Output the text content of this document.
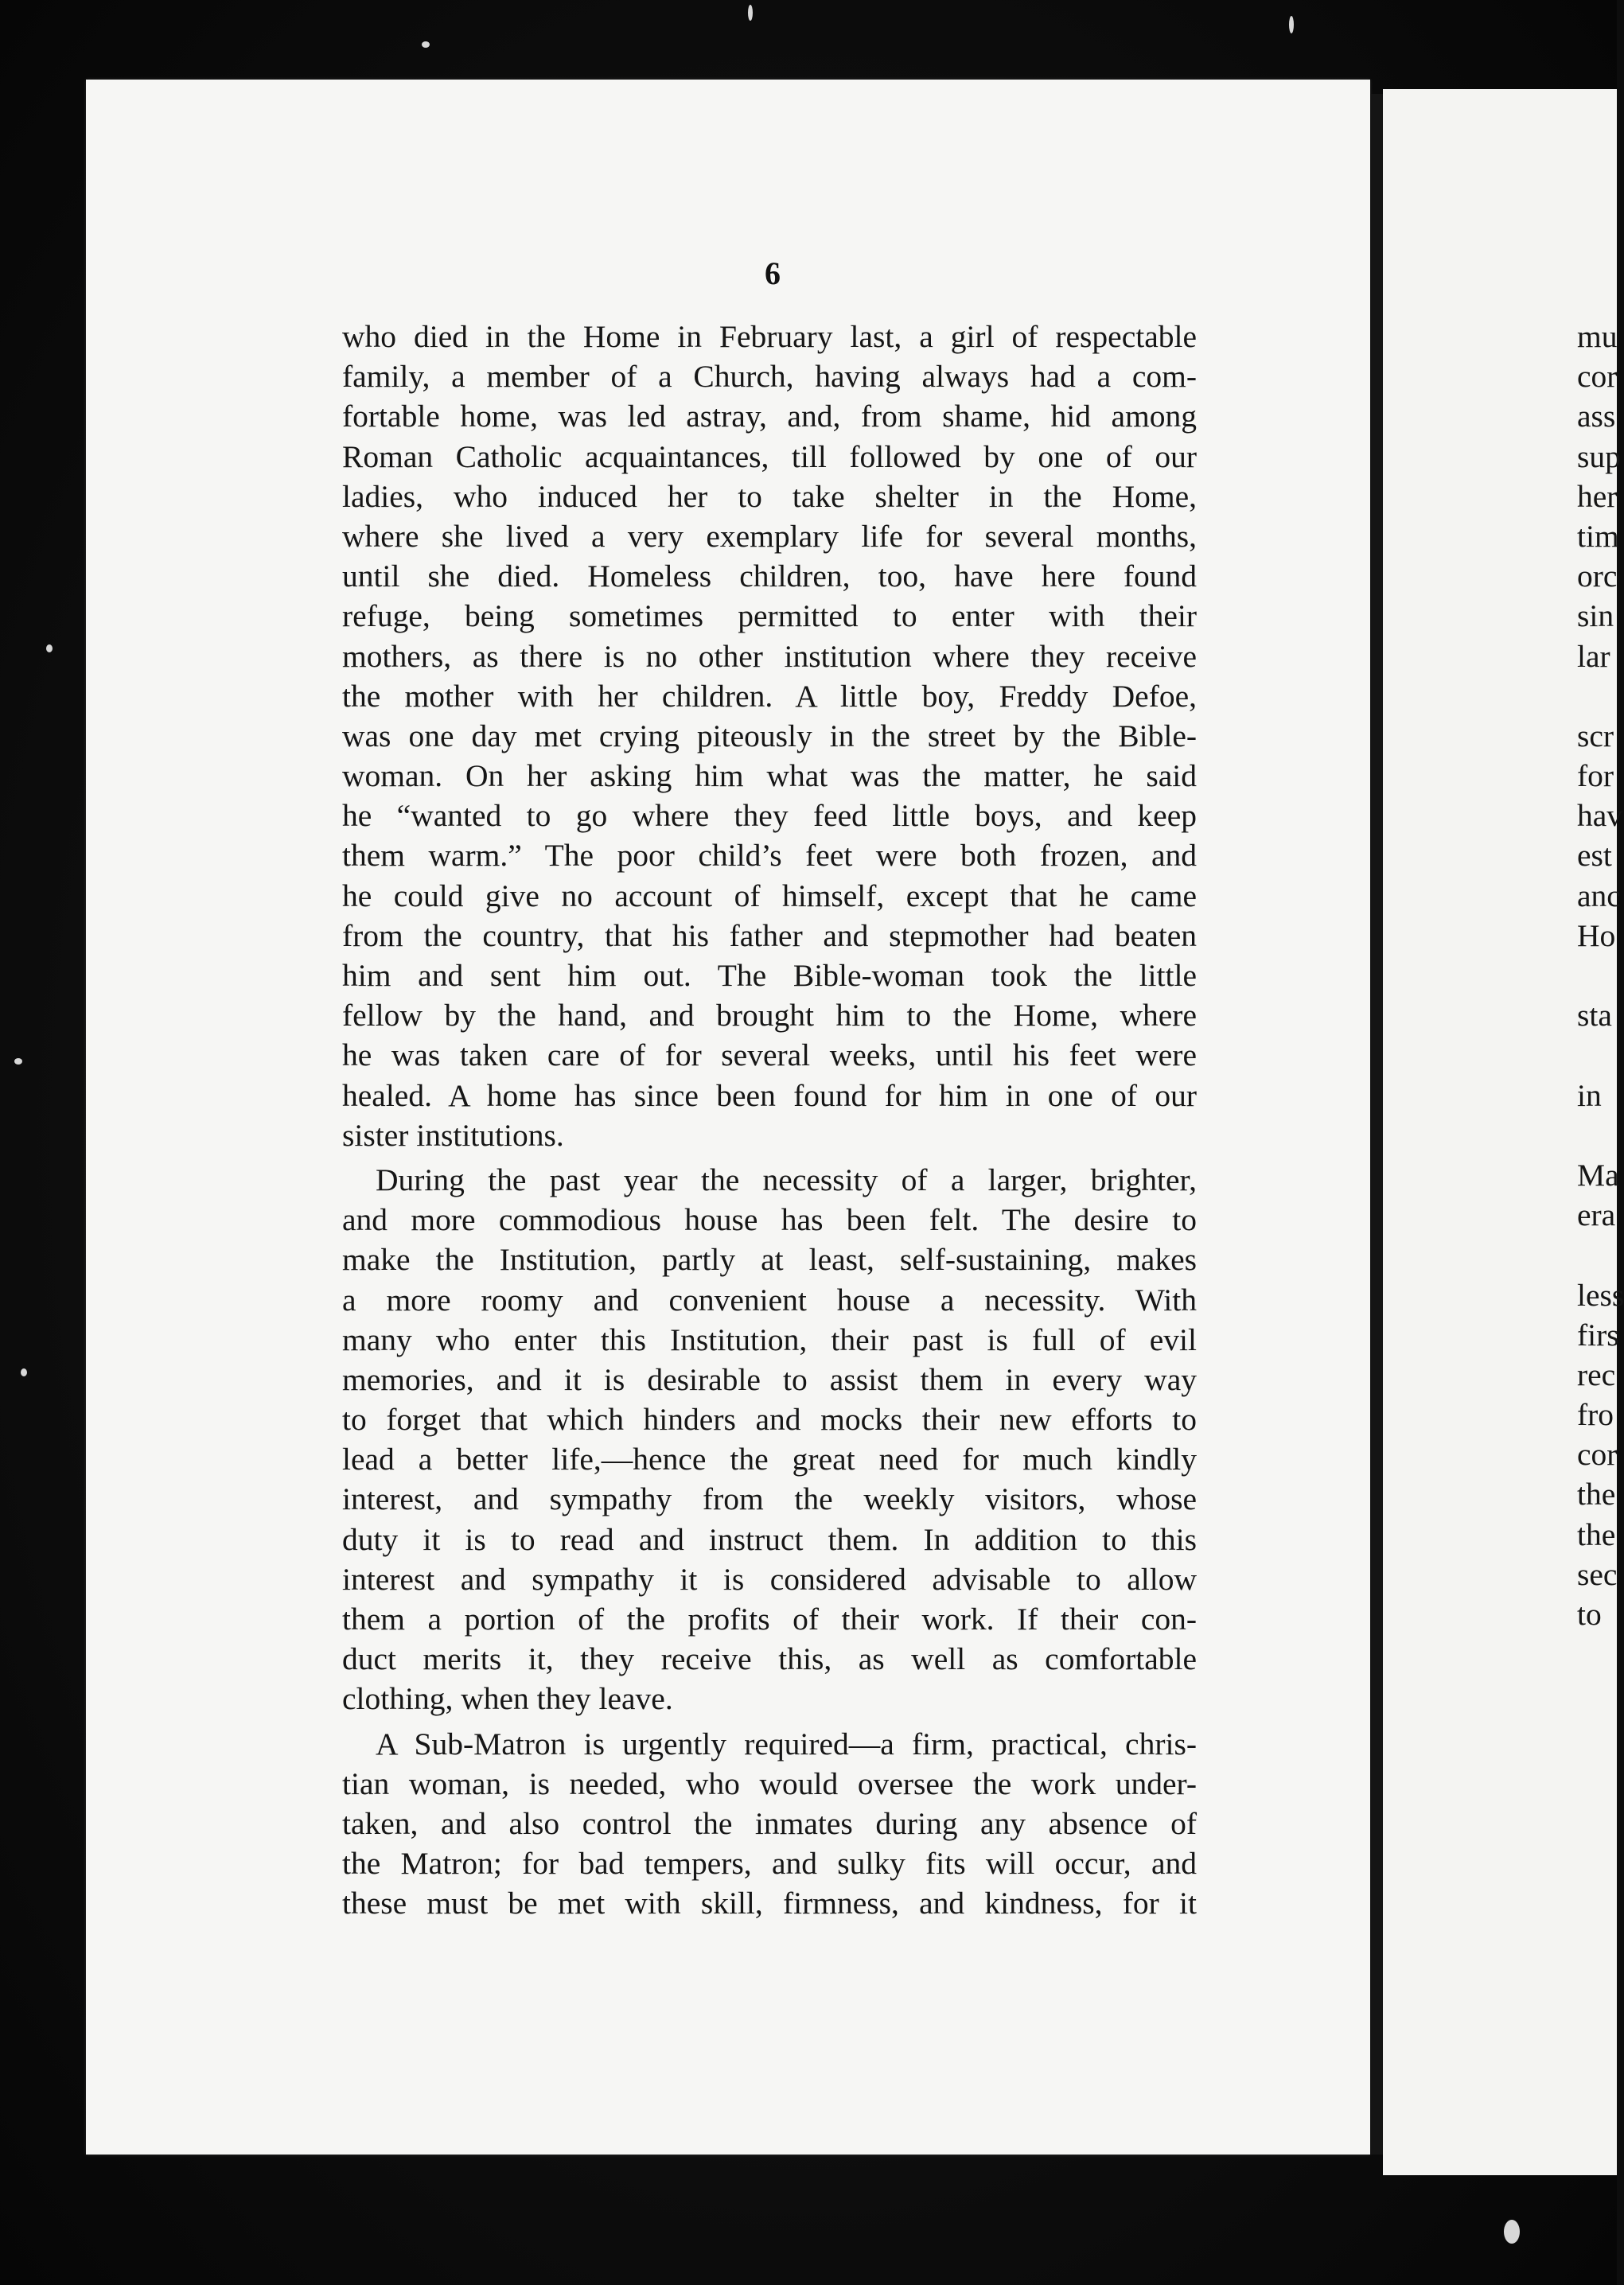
6

who died in the Home in February last, a girl of respectable
family, a member of a Church, having always had a com-
fortable home, was led astray, and, from shame, hid among
Roman Catholic acquaintances, till followed by one of our
ladies, who induced her to take shelter in the Home,
where she lived a very exemplary life for several months,
until she died. Homeless children, too, have here found
refuge, being sometimes permitted to enter with their
mothers, as there is no other institution where they receive
the mother with her children. A little boy, Freddy Defoe,
was one day met crying piteously in the street by the Bible-
woman. On her asking him what was the matter, he said
he “wanted to go where they feed little boys, and keep
them warm.” The poor child’s feet were both frozen, and
he could give no account of himself, except that he came
from the country, that his father and stepmother had beaten
him and sent him out. The Bible-woman took the little
fellow by the hand, and brought him to the Home, where
he was taken care of for several weeks, until his feet were
healed. A home has since been found for him in one of our
sister institutions.
During the past year the necessity of a larger, brighter,
and more commodious house has been felt. The desire to
make the Institution, partly at least, self-sustaining, makes
a more roomy and convenient house a necessity. With
many who enter this Institution, their past is full of evil
memories, and it is desirable to assist them in every way
to forget that which hinders and mocks their new efforts to
lead a better life,—hence the great need for much kindly
interest, and sympathy from the weekly visitors, whose
duty it is to read and instruct them. In addition to this
interest and sympathy it is considered advisable to allow
them a portion of the profits of their work. If their con-
duct merits it, they receive this, as well as comfortable
clothing, when they leave.
A Sub-Matron is urgently required—a firm, practical, chris-
tian woman, is needed, who would oversee the work under-
taken, and also control the inmates during any absence of
the Matron; for bad tempers, and sulky fits will occur, and
these must be met with skill, firmness, and kindness, for it
mu
cor
ass
sup
her
tim
orc
sin
lar
scr
for
hav
est
anc
Ho
sta
in
Ma
era
less
firs
rec
fro
cor
the
the
sec
to
